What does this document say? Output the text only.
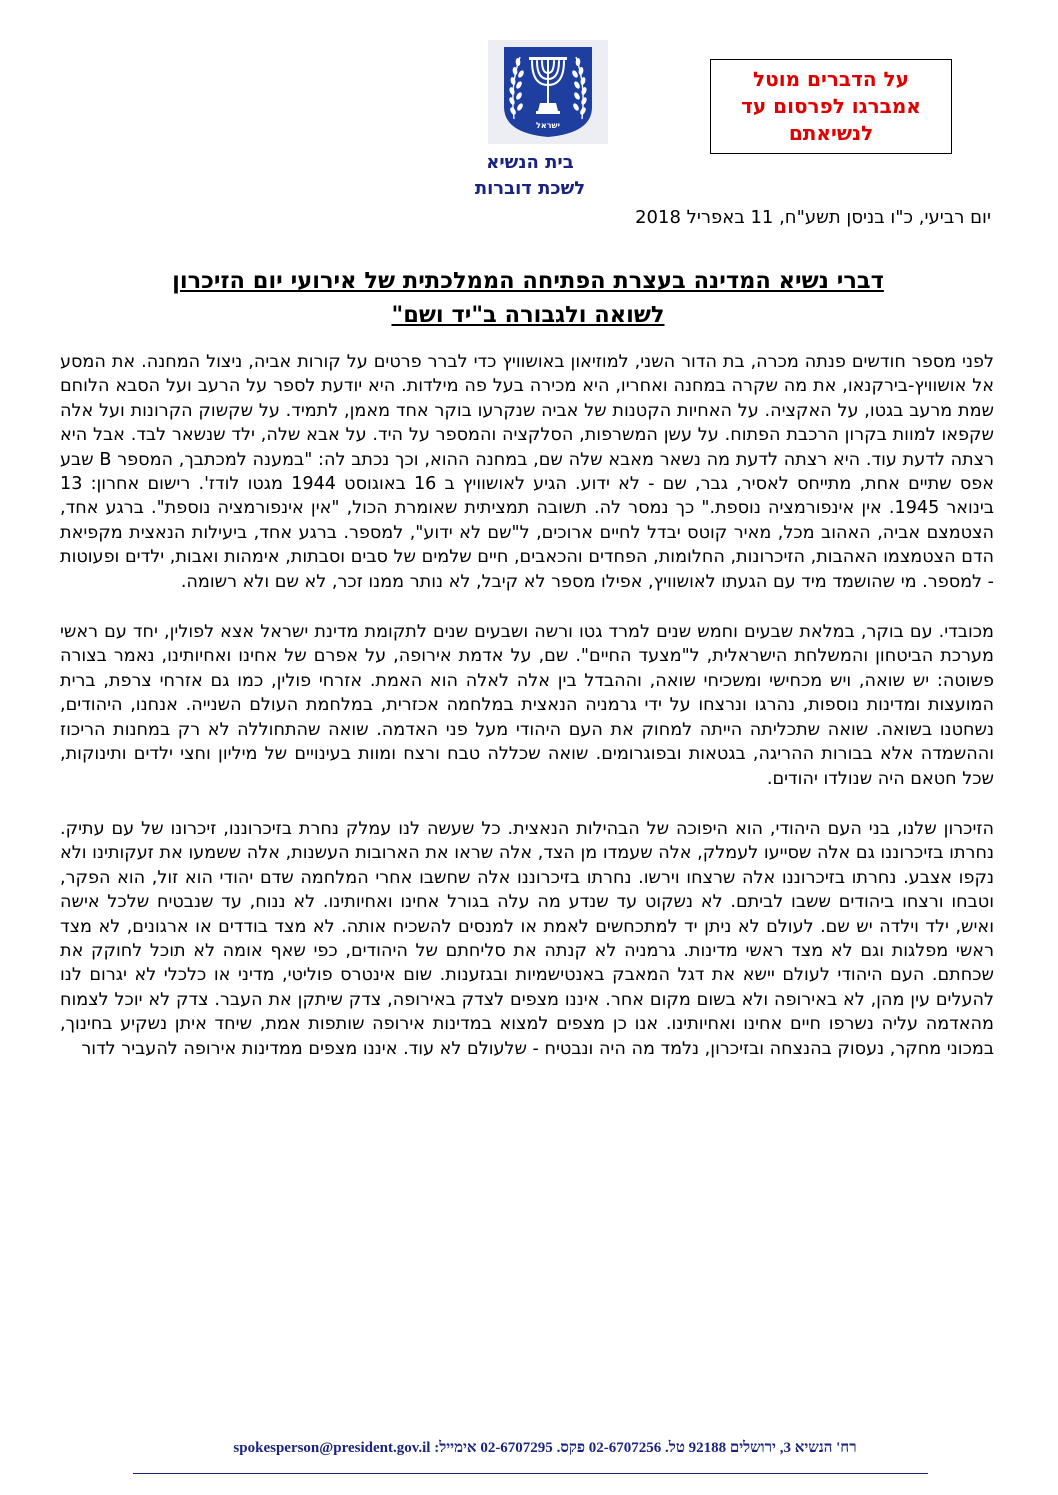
ישראל
בית הנשיא
לשכת דוברות
על הדברים מוטל
אמברגו לפרסום עד
לנשיאתם
יום רביעי, כ"ו בניסן תשע"ח, 11 באפריל 2018
דברי נשיא המדינה בעצרת הפתיחה הממלכתית של אירועי יום הזיכרון
לשואה ולגבורה ב"יד ושם"

לפני מספר חודשים פנתה מכרה, בת הדור השני, למוזיאון באושוויץ כדי לברר פרטים על קורות אביה, ניצול המחנה. את המסע אל אושוויץ-בירקנאו, את מה שקרה במחנה ואחריו, היא מכירה בעל פה מילדות. היא יודעת לספר על הרעב ועל הסבא הלוחם שמת מרעב בגטו, על האקציה. על האחיות הקטנות של אביה שנקרעו בוקר אחד מאמן, לתמיד. על שקשוק הקרונות ועל אלה שקפאו למוות בקרון הרכבת הפתוח. על עשן המשרפות, הסלקציה והמספר על היד. על אבא שלה, ילד שנשאר לבד. אבל היא רצתה לדעת עוד. היא רצתה לדעת מה נשאר מאבא שלה שם, במחנה ההוא, וכך נכתב לה: "במענה למכתבך, המספר B שבע אפס שתיים אחת, מתייחס לאסיר, גבר, שם - לא ידוע. הגיע לאושוויץ ב 16 באוגוסט 1944 מגטו לודז'. רישום אחרון: 13 בינואר 1945. אין אינפורמציה נוספת." כך נמסר לה. תשובה תמציתית שאומרת הכול, "אין אינפורמציה נוספת". ברגע אחד, הצטמצם אביה, האהוב מכל, מאיר קוטס יבדל לחיים ארוכים, ל"שם לא ידוע", למספר. ברגע אחד, ביעילות הנאצית מקפיאת הדם הצטמצמו האהבות, הזיכרונות, החלומות, הפחדים והכאבים, חיים שלמים של סבים וסבתות, אימהות ואבות, ילדים ופעוטות - למספר. מי שהושמד מיד עם הגעתו לאושוויץ, אפילו מספר לא קיבל, לא נותר ממנו זכר, לא שם ולא רשומה.

מכובדי. עם בוקר, במלאת שבעים וחמש שנים למרד גטו ורשה ושבעים שנים לתקומת מדינת ישראל אצא לפולין, יחד עם ראשי מערכת הביטחון והמשלחת הישראלית, ל"מצעד החיים". שם, על אדמת אירופה, על אפרם של אחינו ואחיותינו, נאמר בצורה פשוטה: יש שואה, ויש מכחישי ומשכיחי שואה, וההבדל בין אלה לאלה הוא האמת. אזרחי פולין, כמו גם אזרחי צרפת, ברית המועצות ומדינות נוספות, נהרגו ונרצחו על ידי גרמניה הנאצית במלחמה אכזרית, במלחמת העולם השנייה. אנחנו, היהודים, נשחטנו בשואה. שואה שתכליתה הייתה למחוק את העם היהודי מעל פני האדמה. שואה שהתחוללה לא רק במחנות הריכוז וההשמדה אלא בבורות ההריגה, בגטאות ובפוגרומים. שואה שכללה טבח ורצח ומוות בעינויים של מיליון וחצי ילדים ותינוקות, שכל חטאם היה שנולדו יהודים.

הזיכרון שלנו, בני העם היהודי, הוא היפוכה של הבהילות הנאצית. כל שעשה לנו עמלק נחרת בזיכרוננו, זיכרונו של עם עתיק. נחרתו בזיכרוננו גם אלה שסייעו לעמלק, אלה שעמדו מן הצד, אלה שראו את הארובות העשנות, אלה ששמעו את זעקותינו ולא נקפו אצבע. נחרתו בזיכרוננו אלה שרצחו וירשו. נחרתו בזיכרוננו אלה שחשבו אחרי המלחמה שדם יהודי הוא זול, הוא הפקר, וטבחו ורצחו ביהודים ששבו לביתם. לא נשקוט עד שנדע מה עלה בגורל אחינו ואחיותינו. לא ננוח, עד שנבטיח שלכל אישה ואיש, ילד וילדה יש שם. לעולם לא ניתן יד למתכחשים לאמת או למנסים להשכיח אותה. לא מצד בודדים או ארגונים, לא מצד ראשי מפלגות וגם לא מצד ראשי מדינות. גרמניה לא קנתה את סליחתם של היהודים, כפי שאף אומה לא תוכל לחוקק את שכחתם. העם היהודי לעולם יישא את דגל המאבק באנטישמיות ובגזענות. שום אינטרס פוליטי, מדיני או כלכלי לא יגרום לנו להעלים עין מהן, לא באירופה ולא בשום מקום אחר. איננו מצפים לצדק באירופה, צדק שיתקן את העבר. צדק לא יוכל לצמוח מהאדמה עליה נשרפו חיים אחינו ואחיותינו. אנו כן מצפים למצוא במדינות אירופה שותפות אמת, שיחד איתן נשקיע בחינוך, במכוני מחקר, נעסוק בהנצחה ובזיכרון, נלמד מה היה ונבטיח - שלעולם לא עוד. איננו מצפים ממדינות אירופה להעביר לדור

רח' הנשיא 3, ירושלים 92188 טל. 02-6707256 פקס. 02-6707295 אימייל: spokesperson@president.gov.il
